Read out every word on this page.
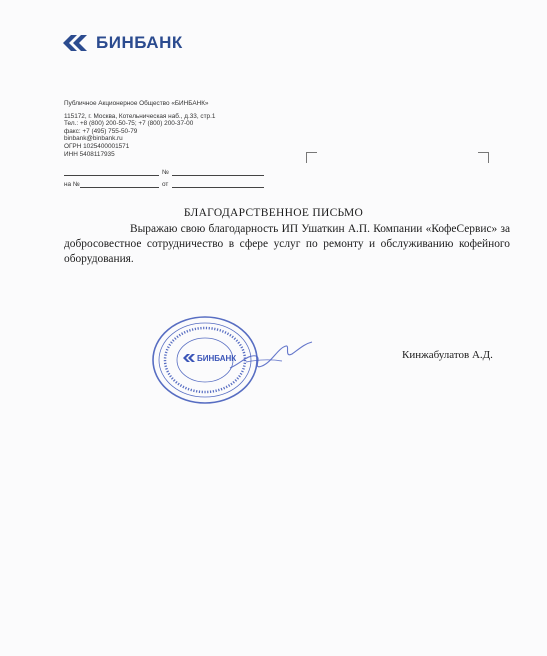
БИНБАНК
Публичное Акционерное Общество «БИНБАНК»
115172, г. Москва, Котельническая наб., д.33, стр.1
Тел.: +8 (800) 200-50-75; +7 (800) 200-37-00
факс: +7 (495) 755-50-79
binbank@binbank.ru
ОГРН 1025400001571
ИНН 5408117935
№
на №	от
БЛАГОДАРСТВЕННОЕ ПИСЬМО
Выражаю свою благодарность ИП Ушаткин А.П. Компании «КофеСервис» за добросовестное сотрудничество в сфере услуг по ремонту и обслуживанию кофейного оборудования.
БИНБАНК	Кинжабулатов А.Д.
